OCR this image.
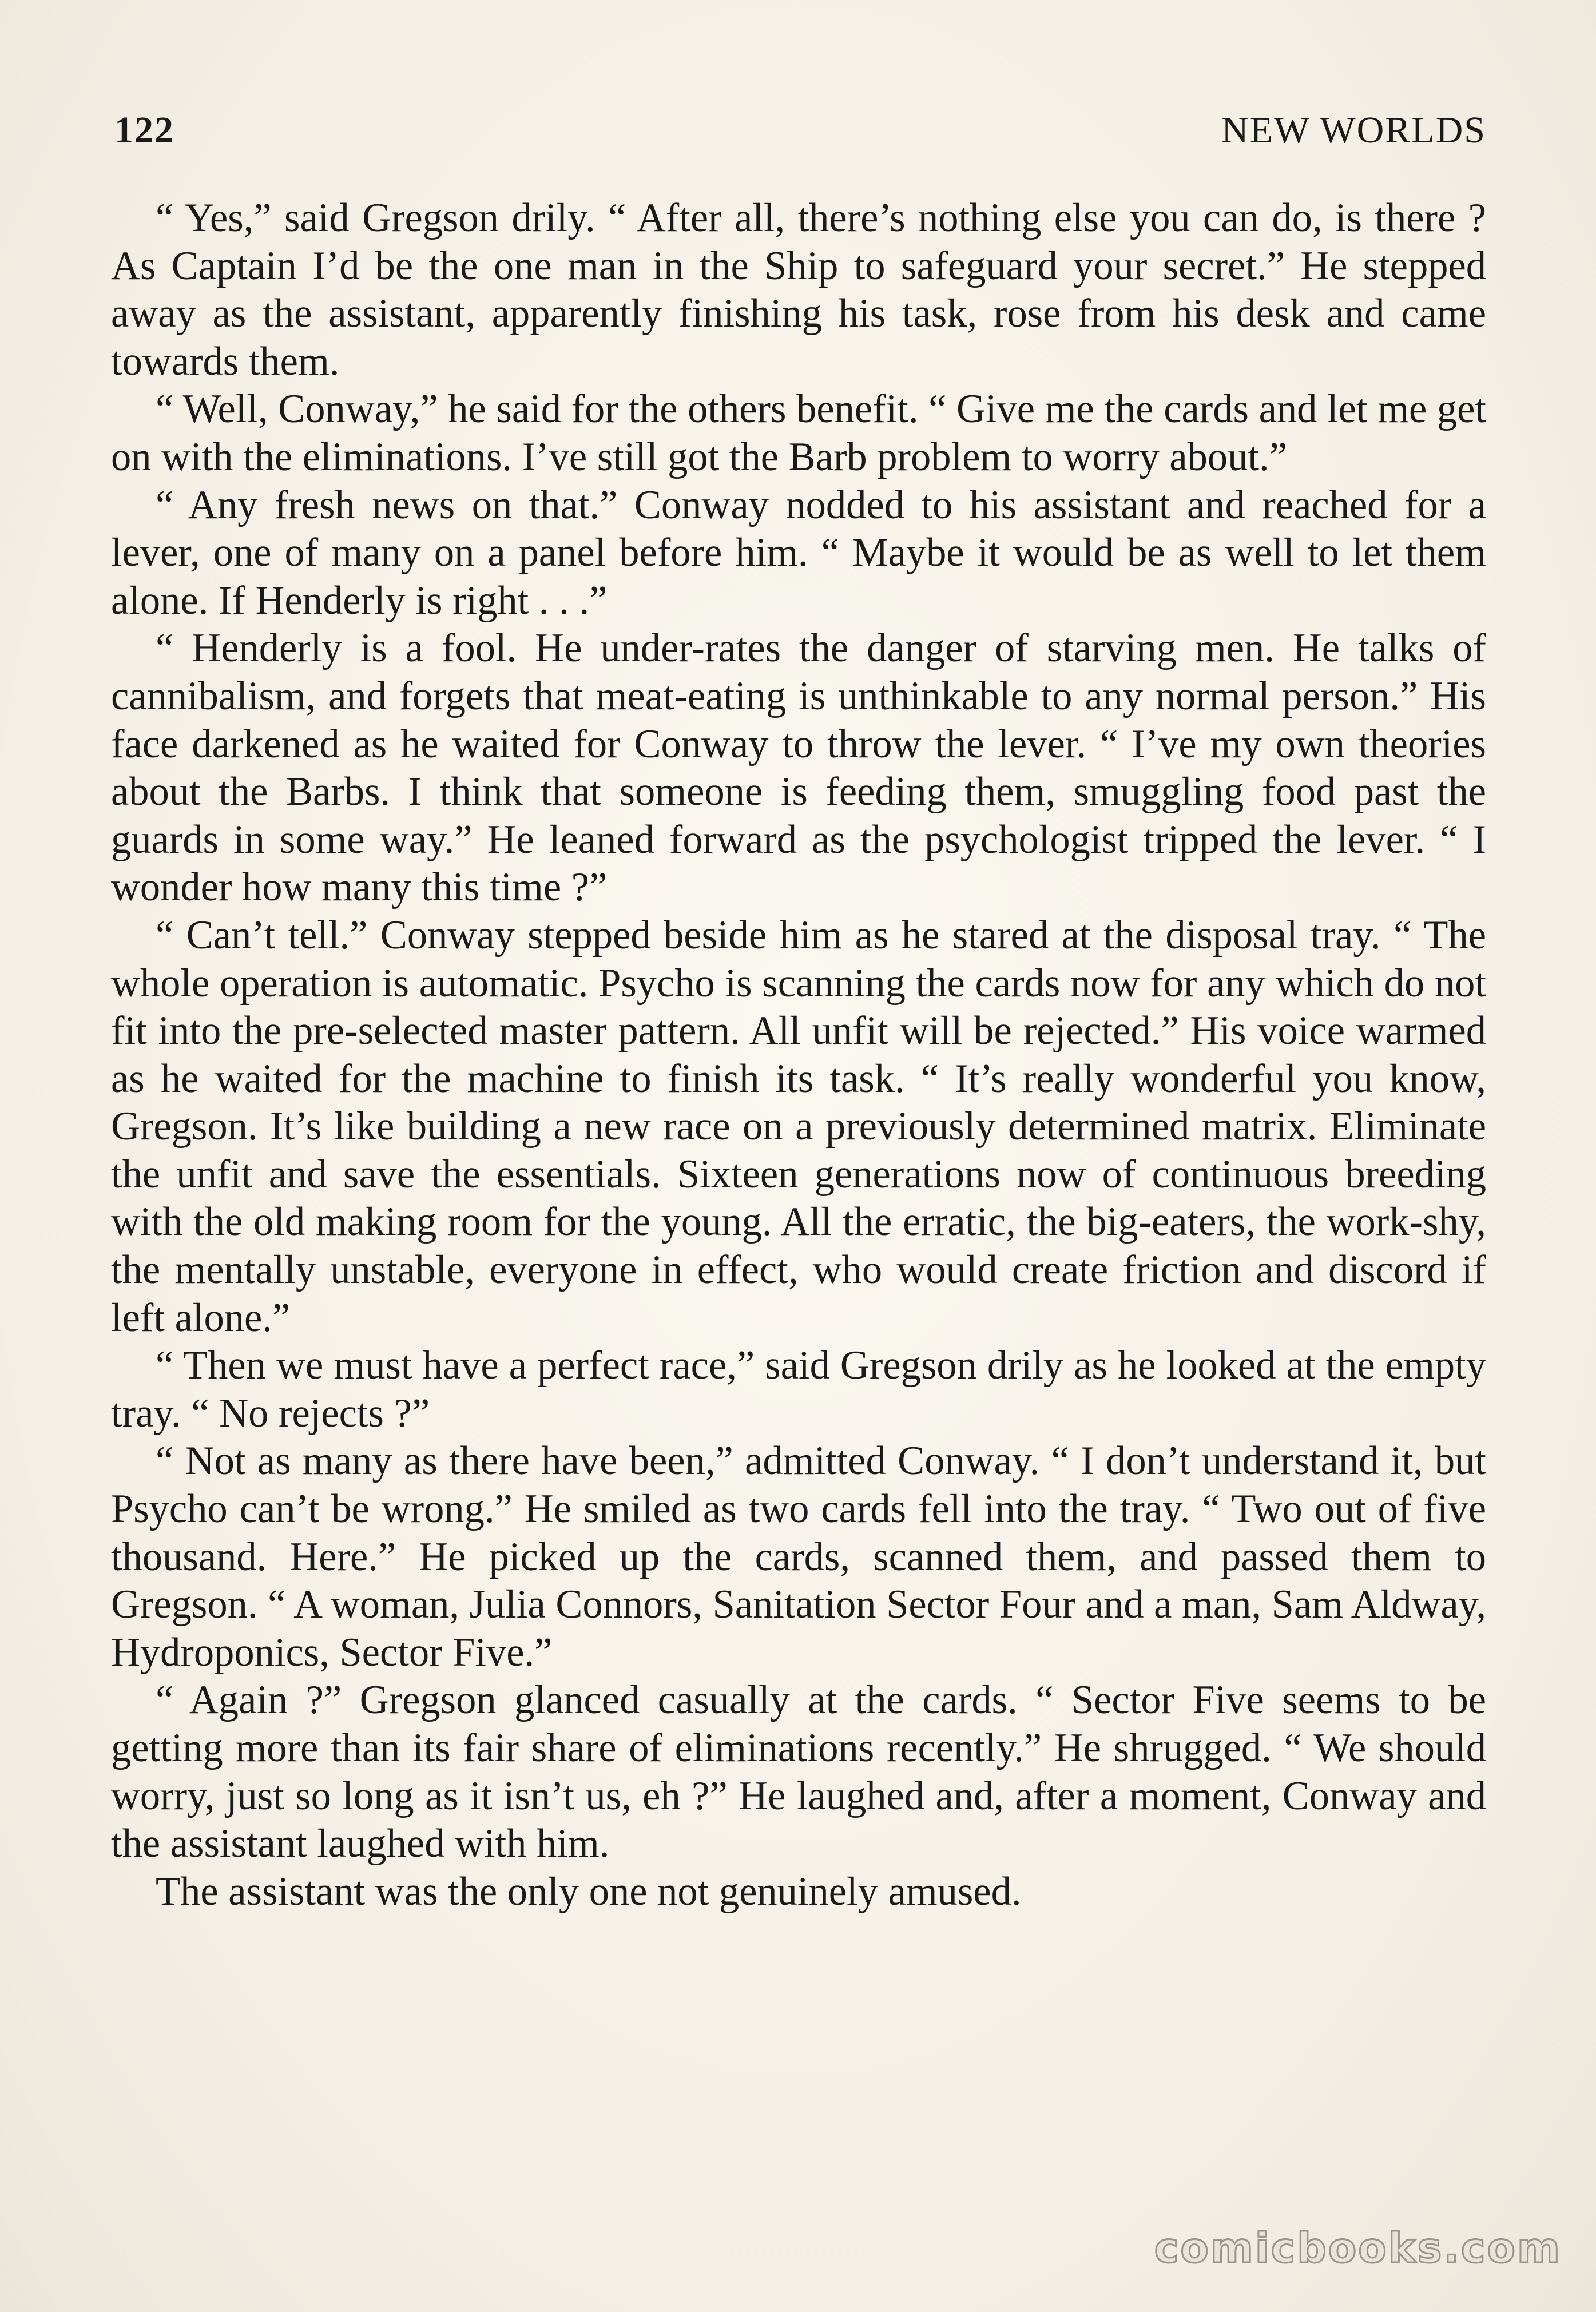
122	NEW WORLDS

“ Yes,” said Gregson drily. “ After all, there’s nothing else you can do, is there ? As Captain I’d be the one man in the Ship to safeguard your secret.” He stepped away as the assistant, apparently finishing his task, rose from his desk and came towards them.

“ Well, Conway,” he said for the others benefit. “ Give me the cards and let me get on with the eliminations. I’ve still got the Barb problem to worry about.”

“ Any fresh news on that.” Conway nodded to his assistant and reached for a lever, one of many on a panel before him. “ Maybe it would be as well to let them alone. If Henderly is right . . .”

“ Henderly is a fool. He under-rates the danger of starving men. He talks of cannibalism, and forgets that meat-eating is unthinkable to any normal person.” His face darkened as he waited for Conway to throw the lever. “ I’ve my own theories about the Barbs. I think that someone is feeding them, smuggling food past the guards in some way.” He leaned forward as the psychologist tripped the lever. “ I wonder how many this time ?”

“ Can’t tell.” Conway stepped beside him as he stared at the disposal tray. “ The whole operation is automatic. Psycho is scanning the cards now for any which do not fit into the pre-selected master pattern. All unfit will be rejected.” His voice warmed as he waited for the machine to finish its task. “ It’s really wonderful you know, Gregson. It’s like building a new race on a previously determined matrix. Eliminate the unfit and save the essentials. Sixteen generations now of continuous breeding with the old making room for the young. All the erratic, the big-eaters, the work-shy, the mentally unstable, everyone in effect, who would create friction and discord if left alone.”

“ Then we must have a perfect race,” said Gregson drily as he looked at the empty tray. “ No rejects ?”

“ Not as many as there have been,” admitted Conway. “ I don’t understand it, but Psycho can’t be wrong.” He smiled as two cards fell into the tray. “ Two out of five thousand. Here.” He picked up the cards, scanned them, and passed them to Gregson. “ A woman, Julia Connors, Sanitation Sector Four and a man, Sam Aldway, Hydroponics, Sector Five.”

“ Again ?” Gregson glanced casually at the cards. “ Sector Five seems to be getting more than its fair share of eliminations recently.” He shrugged. “ We should worry, just so long as it isn’t us, eh ?” He laughed and, after a moment, Conway and the assistant laughed with him.

The assistant was the only one not genuinely amused.

comicbooks.com
